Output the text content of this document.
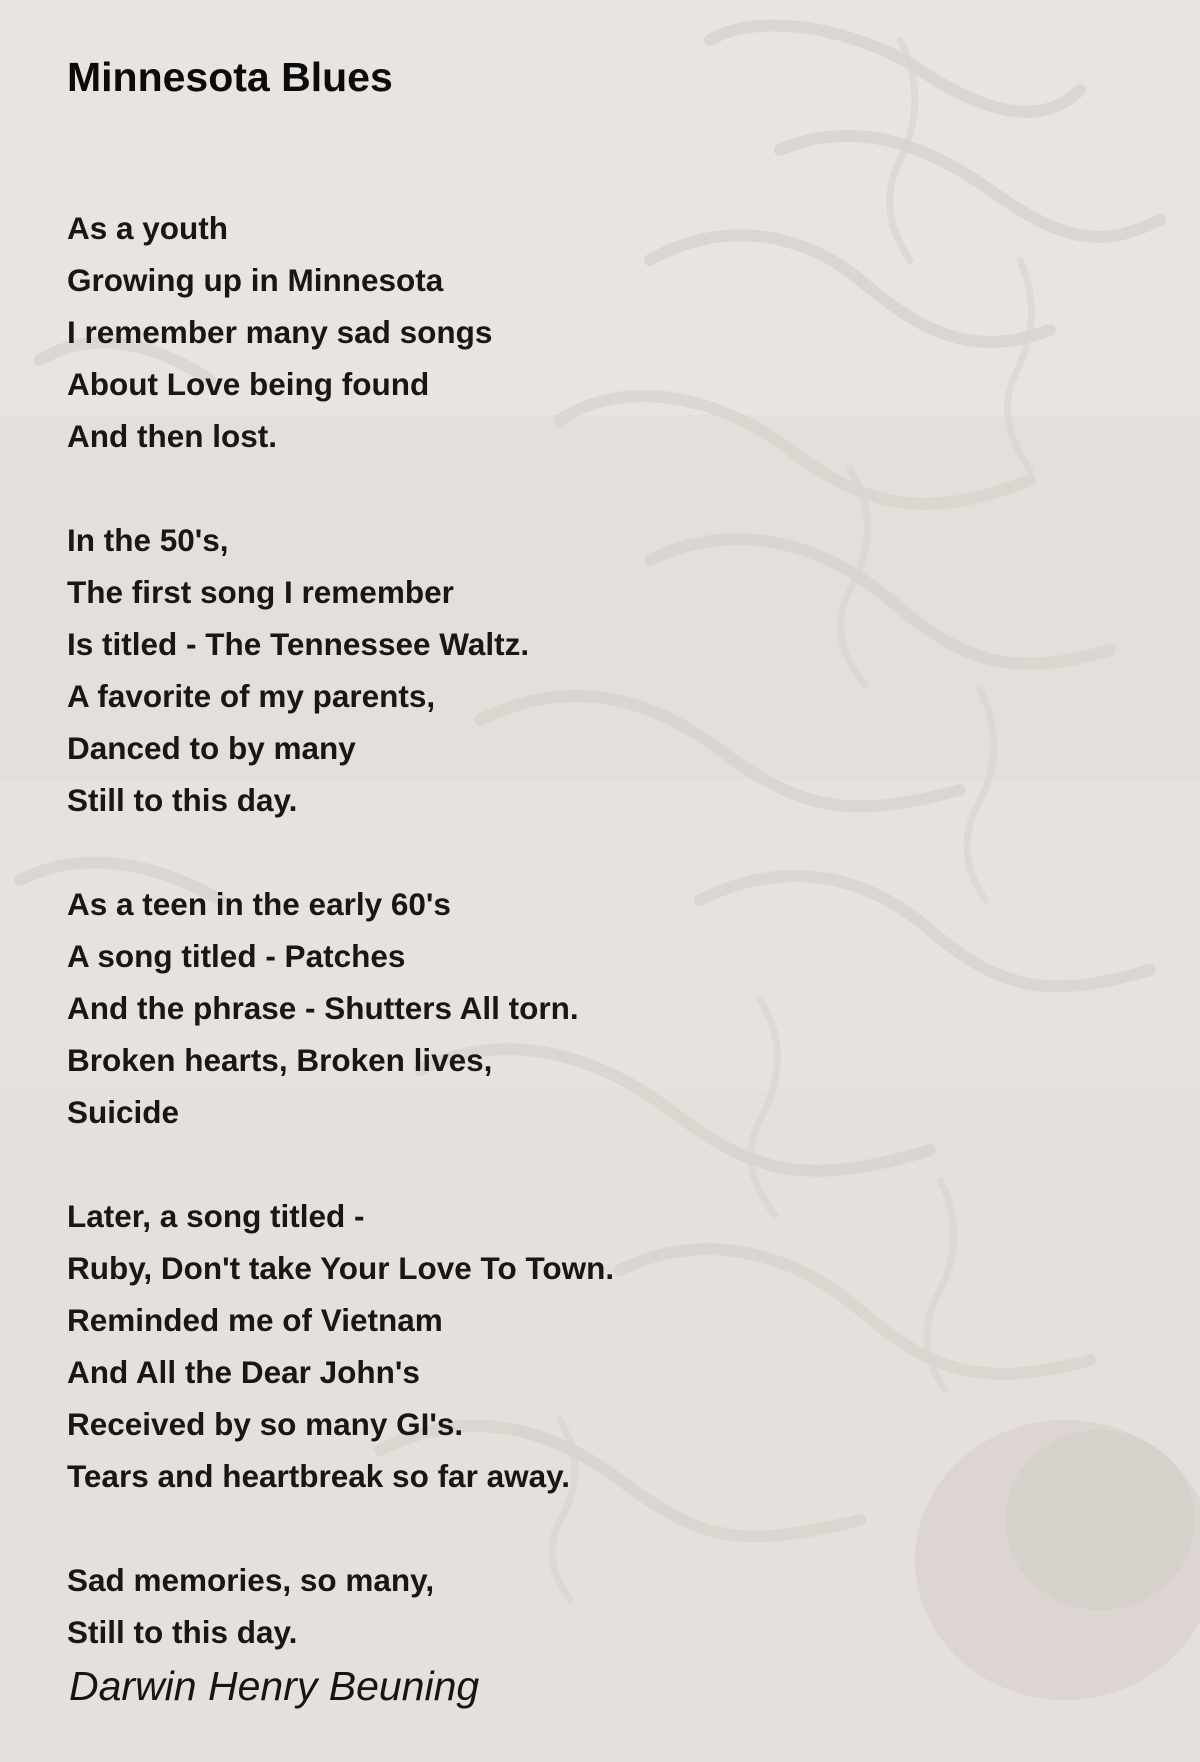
Minnesota Blues
As a youth
Growing up in Minnesota
I remember many sad songs
About Love being found
And then lost.
In the 50's,
The first song I remember
Is titled - The Tennessee Waltz.
A favorite of my parents,
Danced to by many
Still to this day.
As a teen in the early 60's
A song titled - Patches
And the phrase - Shutters All torn.
Broken hearts, Broken lives,
Suicide
Later, a song titled -
Ruby, Don't take Your Love To Town.
Reminded me of Vietnam
And All the Dear John's
Received by so many GI's.
Tears and heartbreak so far away.
Sad memories, so many,
Still to this day.
Darwin Henry Beuning
